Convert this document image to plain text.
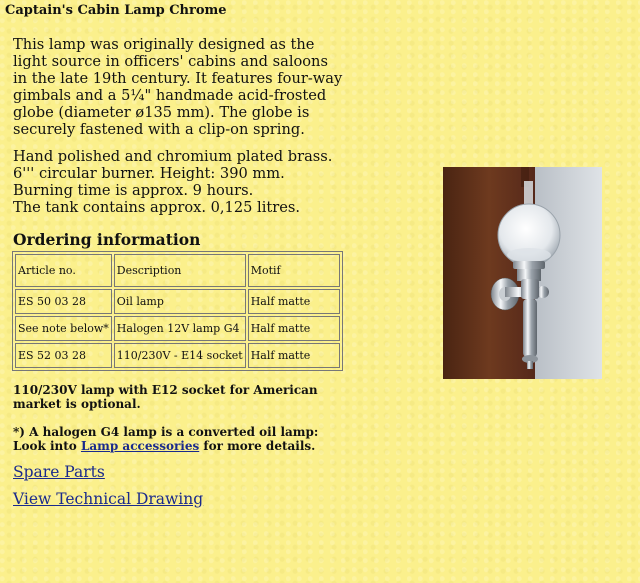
Captain's Cabin Lamp Chrome

This lamp was originally designed as the
light source in officers' cabins and saloons
in the late 19th century. It features four-way
gimbals and a 5¼" handmade acid-frosted
globe (diameter ø135 mm). The globe is
securely fastened with a clip-on spring.

Hand polished and chromium plated brass.
6''' circular burner. Height: 390 mm.
Burning time is approx. 9 hours.
The tank contains approx. 0,125 litres.

Ordering information
Article no.	Description	Motif
ES 50 03 28	Oil lamp	Half matte
See note below*	Halogen 12V lamp G4	Half matte
ES 52 03 28	110/230V - E14 socket	Half matte

110/230V lamp with E12 socket for American
market is optional.

*) A halogen G4 lamp is a converted oil lamp:
Look into Lamp accessories for more details.

Spare Parts
View Technical Drawing
